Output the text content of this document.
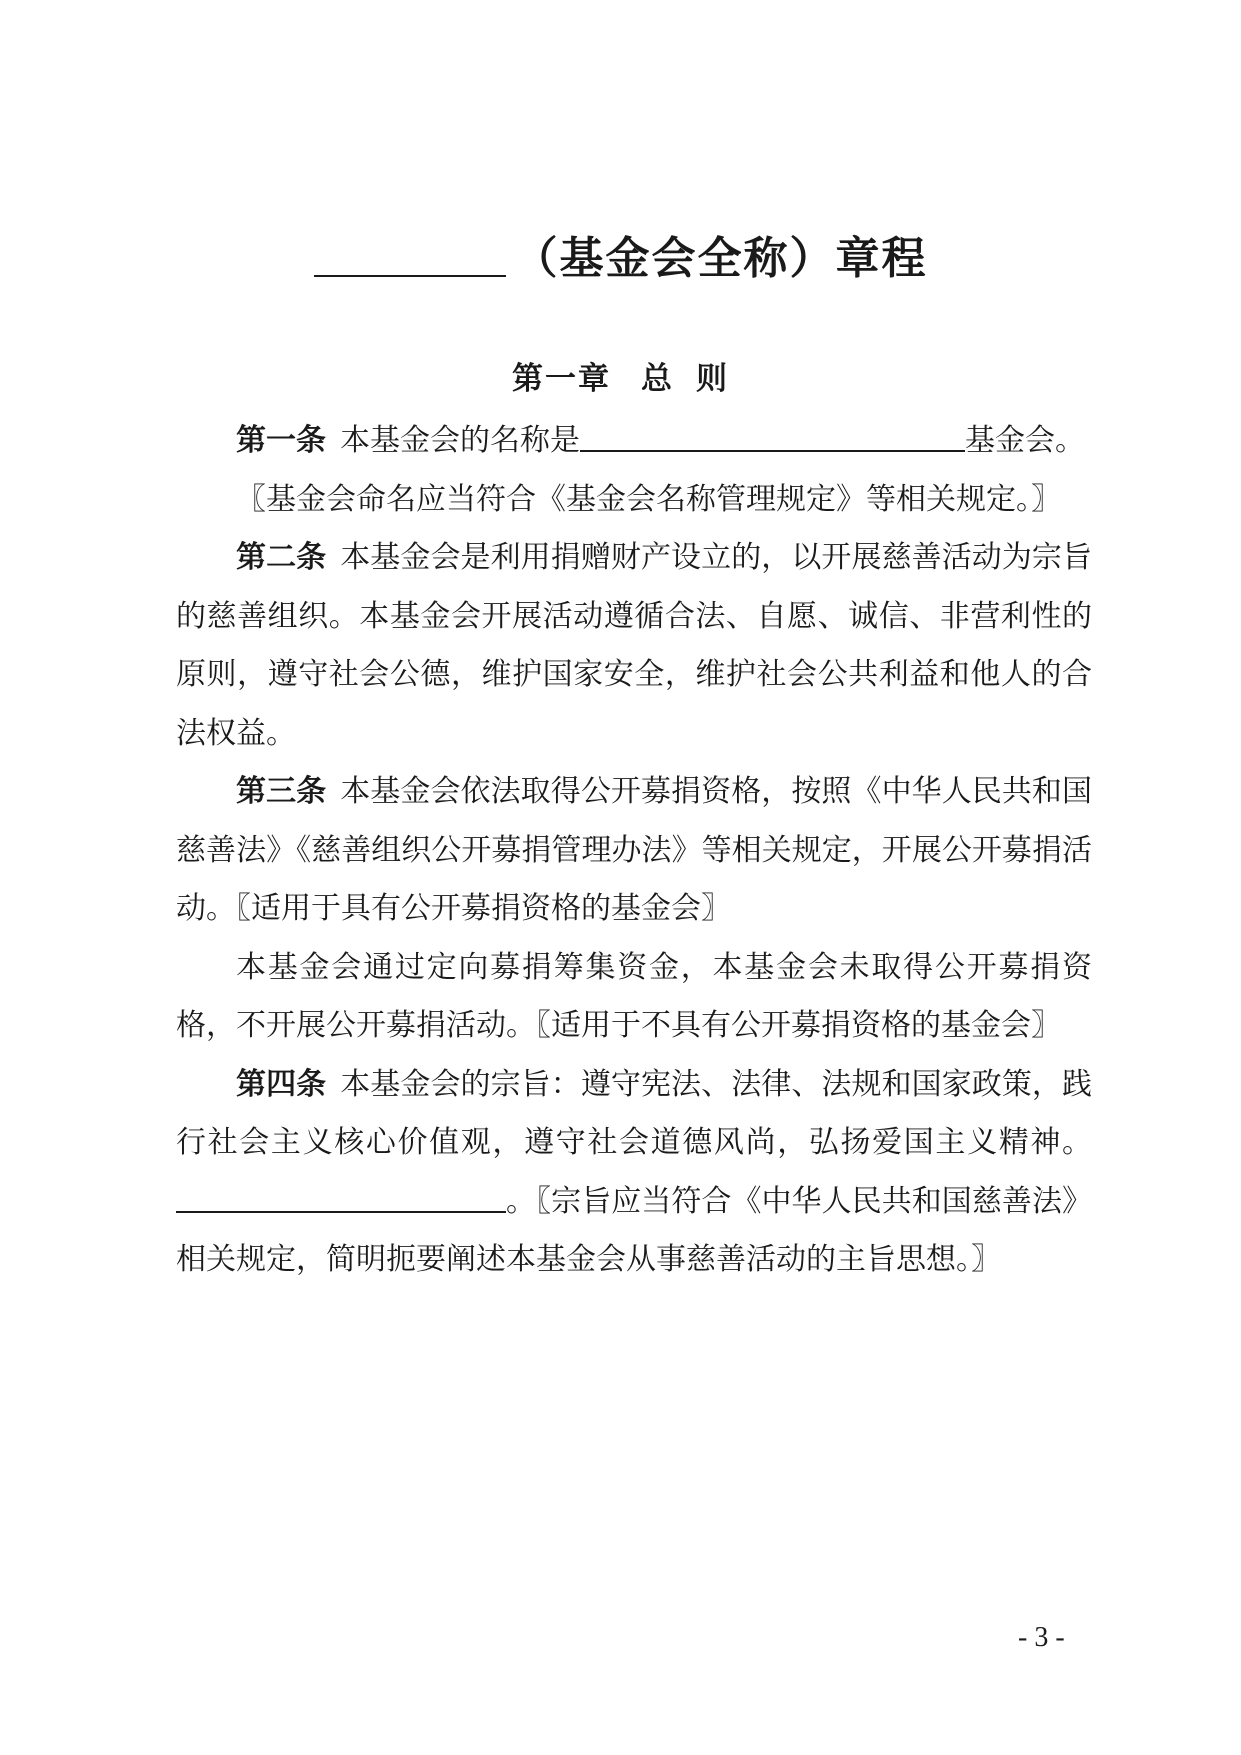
（基金会全称）章程
第一章 总 则

第一条 本基金会的名称是	基金会。

〖基金会命名应当符合《基金会名称管理规定》等相关规定。〗

第二条 本基金会是利用捐赠财产设立的，以开展慈善活动为宗旨的慈善组织。本基金会开展活动遵循合法、自愿、诚信、非营利性的原则，遵守社会公德，维护国家安全，维护社会公共利益和他人的合法权益。

第三条 本基金会依法取得公开募捐资格，按照《中华人民共和国慈善法》《慈善组织公开募捐管理办法》等相关规定，开展公开募捐活动。〖适用于具有公开募捐资格的基金会〗

本基金会通过定向募捐筹集资金，本基金会未取得公开募捐资格，不开展公开募捐活动。〖适用于不具有公开募捐资格的基金会〗

第四条 本基金会的宗旨：遵守宪法、法律、法规和国家政策，践行社会主义核心价值观，遵守社会道德风尚，弘扬爱国主义精神。。〖宗旨应当符合《中华人民共和国慈善法》相关规定，简明扼要阐述本基金会从事慈善活动的主旨思想。〗

- 3 -
